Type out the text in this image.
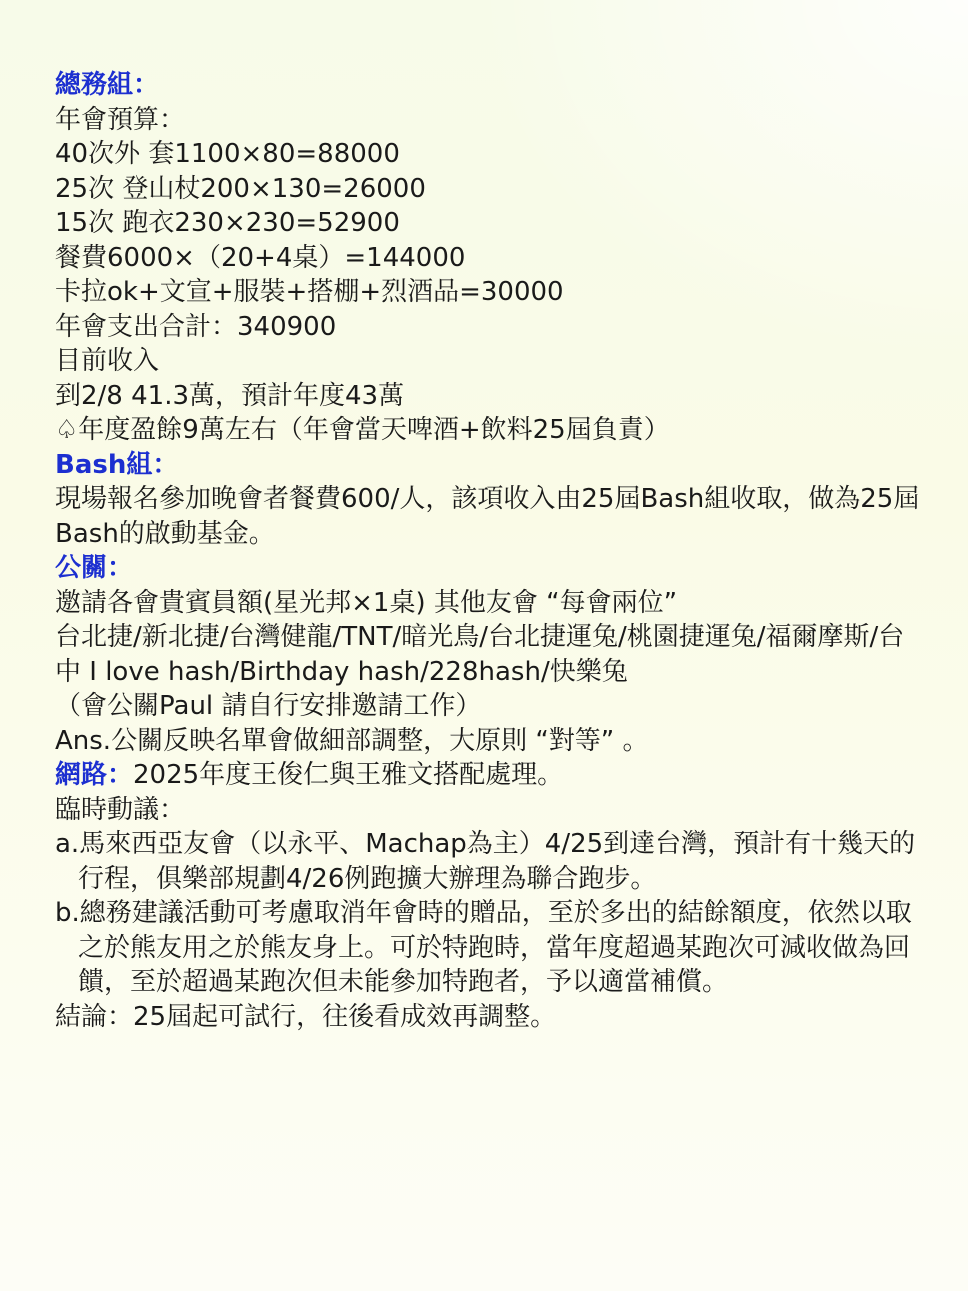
總務組：
年會預算：
40次外 套1100×80=88000
25次 登山杖200×130=26000
15次 跑衣230×230=52900
餐費6000×（20+4桌）=144000
卡拉ok+文宣+服裝+搭棚+烈酒品=30000
年會支出合計：340900
目前收入
到2/8 41.3萬，預計年度43萬
♤年度盈餘9萬左右（年會當天啤酒+飲料25屆負責）
Bash組：
現場報名參加晚會者餐費600/人，該項收入由25屆Bash組收取，做為25屆Bash的啟動基金。
公關：
邀請各會貴賓員額(星光邦×1桌) 其他友會 “每會兩位”
台北捷/新北捷/台灣健龍/TNT/暗光鳥/台北捷運兔/桃園捷運兔/福爾摩斯/台中 I love hash/Birthday hash/228hash/快樂兔
（會公關Paul 請自行安排邀請工作）
Ans.公關反映名單會做細部調整，大原則 “對等” 。
網路：2025年度王俊仁與王雅文搭配處理。
臨時動議：
a.馬來西亞友會（以永平、Machap為主）4/25到達台灣，預計有十幾天的行程，俱樂部規劃4/26例跑擴大辦理為聯合跑步。
b.總務建議活動可考慮取消年會時的贈品，至於多出的結餘額度，依然以取之於熊友用之於熊友身上。可於特跑時，當年度超過某跑次可減收做為回饋，至於超過某跑次但未能參加特跑者，予以適當補償。
結論：25屆起可試行，往後看成效再調整。
